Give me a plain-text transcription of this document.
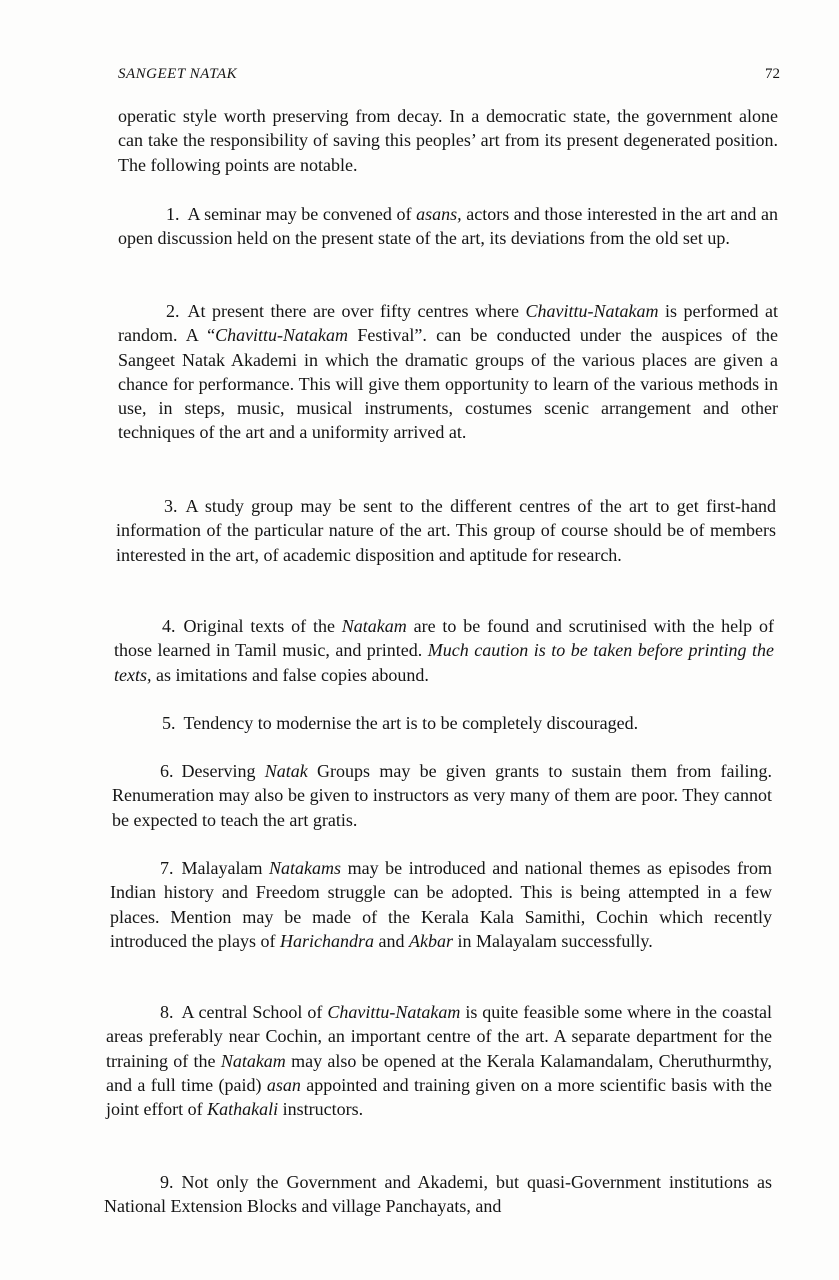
SANGEET NATAK	72

operatic style worth preserving from decay. In a democratic state, the government alone can take the responsibility of saving this peoples’ art from its present degenerated position. The following points are notable.

1. A seminar may be convened of asans, actors and those interested in the art and an open discussion held on the present state of the art, its deviations from the old set up.

2. At present there are over fifty centres where Chavittu-Natakam is performed at random. A “Chavittu-Natakam Festival”. can be conducted under the auspices of the Sangeet Natak Akademi in which the dramatic groups of the various places are given a chance for performance. This will give them opportunity to learn of the various methods in use, in steps, music, musical instruments, costumes scenic arrangement and other techniques of the art and a uniformity arrived at.

3. A study group may be sent to the different centres of the art to get first-hand information of the particular nature of the art. This group of course should be of members interested in the art, of academic disposition and aptitude for research.

4. Original texts of the Natakam are to be found and scrutinised with the help of those learned in Tamil music, and printed. Much caution is to be taken before printing the texts, as imitations and false copies abound.

5. Tendency to modernise the art is to be completely discouraged.

6. Deserving Natak Groups may be given grants to sustain them from failing. Renumeration may also be given to instructors as very many of them are poor. They cannot be expected to teach the art gratis.

7. Malayalam Natakams may be introduced and national themes as episodes from Indian history and Freedom struggle can be adopted. This is being attempted in a few places. Mention may be made of the Kerala Kala Samithi, Cochin which recently introduced the plays of Harichandra and Akbar in Malayalam successfully.

8. A central School of Chavittu-Natakam is quite feasible some where in the coastal areas preferably near Cochin, an important centre of the art. A separate department for the trraining of the Natakam may also be opened at the Kerala Kalamandalam, Cheruthurmthy, and a full time (paid) asan appointed and training given on a more scientific basis with the joint effort of Kathakali instructors.

9. Not only the Government and Akademi, but quasi-Government institutions as National Extension Blocks and village Panchayats, and
